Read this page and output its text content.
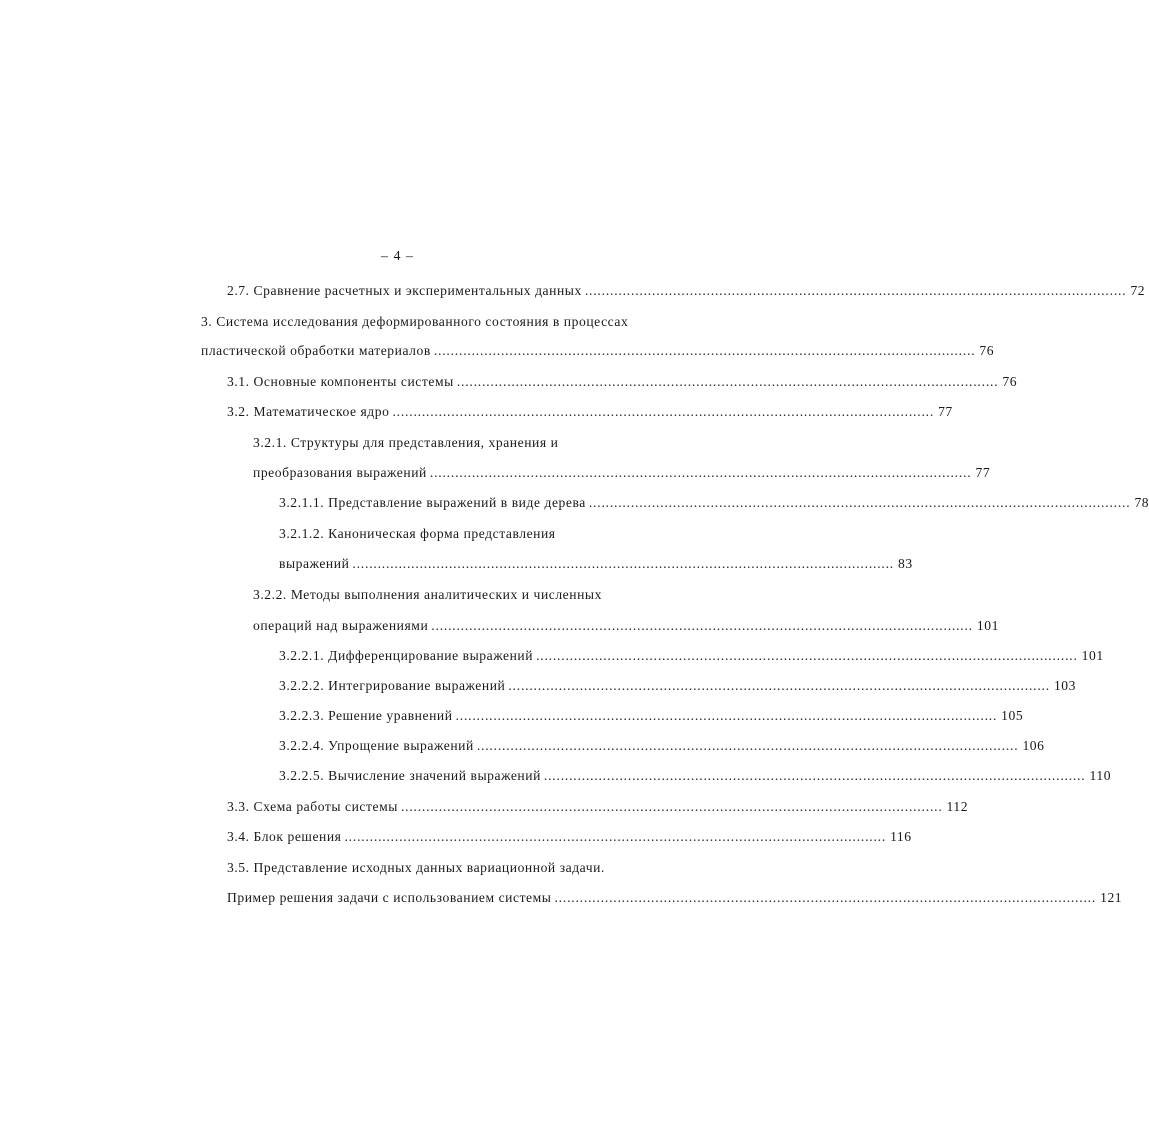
– 4 –
2.7. Сравнение расчетных и экспериментальных данных ................................................................................................................................. 72
3. Система исследования деформированного состояния в процессах
пластической обработки материалов ................................................................................................................................. 76
3.1. Основные компоненты системы ................................................................................................................................. 76
3.2. Математическое ядро ................................................................................................................................. 77
3.2.1. Структуры для представления, хранения и
преобразования выражений ................................................................................................................................. 77
3.2.1.1. Представление выражений в виде дерева ................................................................................................................................. 78
3.2.1.2. Каноническая форма представления
выражений ................................................................................................................................. 83
3.2.2. Методы выполнения аналитических и численных
операций над выражениями ................................................................................................................................. 101
3.2.2.1. Дифференцирование выражений ................................................................................................................................. 101
3.2.2.2. Интегрирование выражений ................................................................................................................................. 103
3.2.2.3. Решение уравнений ................................................................................................................................. 105
3.2.2.4. Упрощение выражений ................................................................................................................................. 106
3.2.2.5. Вычисление значений выражений ................................................................................................................................. 110
3.3. Схема работы системы ................................................................................................................................. 112
3.4. Блок решения ................................................................................................................................. 116
3.5. Представление исходных данных вариационной задачи.
Пример решения задачи с использованием системы ................................................................................................................................. 121
